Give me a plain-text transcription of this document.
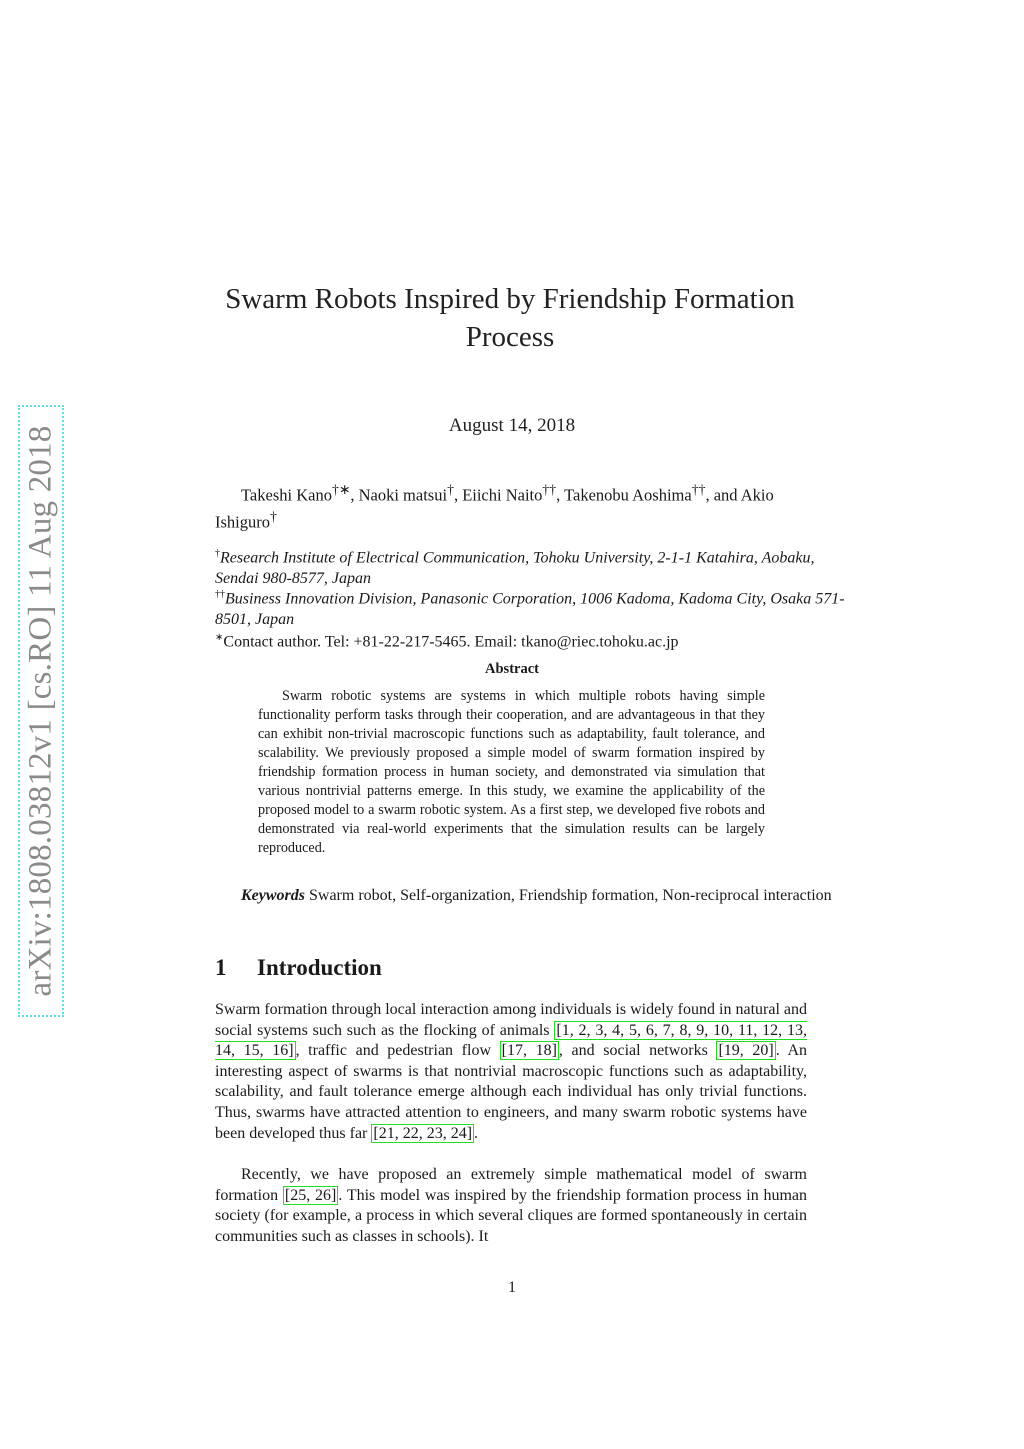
arXiv:1808.03812v1 [cs.RO] 11 Aug 2018
Swarm Robots Inspired by Friendship Formation
Process
August 14, 2018
Takeshi Kano†∗, Naoki matsui†, Eiichi Naito††, Takenobu Aoshima††, and Akio Ishiguro†
†Research Institute of Electrical Communication, Tohoku University, 2-1-1 Katahira, Aobaku, Sendai 980-8577, Japan
††Business Innovation Division, Panasonic Corporation, 1006 Kadoma, Kadoma City, Osaka 571-8501, Japan
∗Contact author. Tel: +81-22-217-5465. Email: tkano@riec.tohoku.ac.jp
Abstract
Swarm robotic systems are systems in which multiple robots having simple functionality perform tasks through their cooperation, and are advantageous in that they can exhibit non-trivial macroscopic functions such as adaptability, fault tolerance, and scalability. We previously proposed a simple model of swarm formation inspired by friendship formation process in human society, and demonstrated via simulation that various nontrivial patterns emerge. In this study, we examine the applicability of the proposed model to a swarm robotic system. As a first step, we developed five robots and demonstrated via real-world experiments that the simulation results can be largely reproduced.
Keywords Swarm robot, Self-organization, Friendship formation, Non-reciprocal interaction
1 Introduction
Swarm formation through local interaction among individuals is widely found in natural and social systems such such as the flocking of animals [1, 2, 3, 4, 5, 6, 7, 8, 9, 10, 11, 12, 13, 14, 15, 16] , traffic and pedestrian flow [17, 18] , and social networks [19, 20] . An interesting aspect of swarms is that nontrivial macroscopic functions such as adaptability, scalability, and fault tolerance emerge although each individual has only trivial functions. Thus, swarms have attracted attention to engineers, and many swarm robotic systems have been developed thus far [21, 22, 23, 24] .
Recently, we have proposed an extremely simple mathematical model of swarm formation [25, 26] . This model was inspired by the friendship formation process in human society (for example, a process in which several cliques are formed spontaneously in certain communities such as classes in schools). It
1
